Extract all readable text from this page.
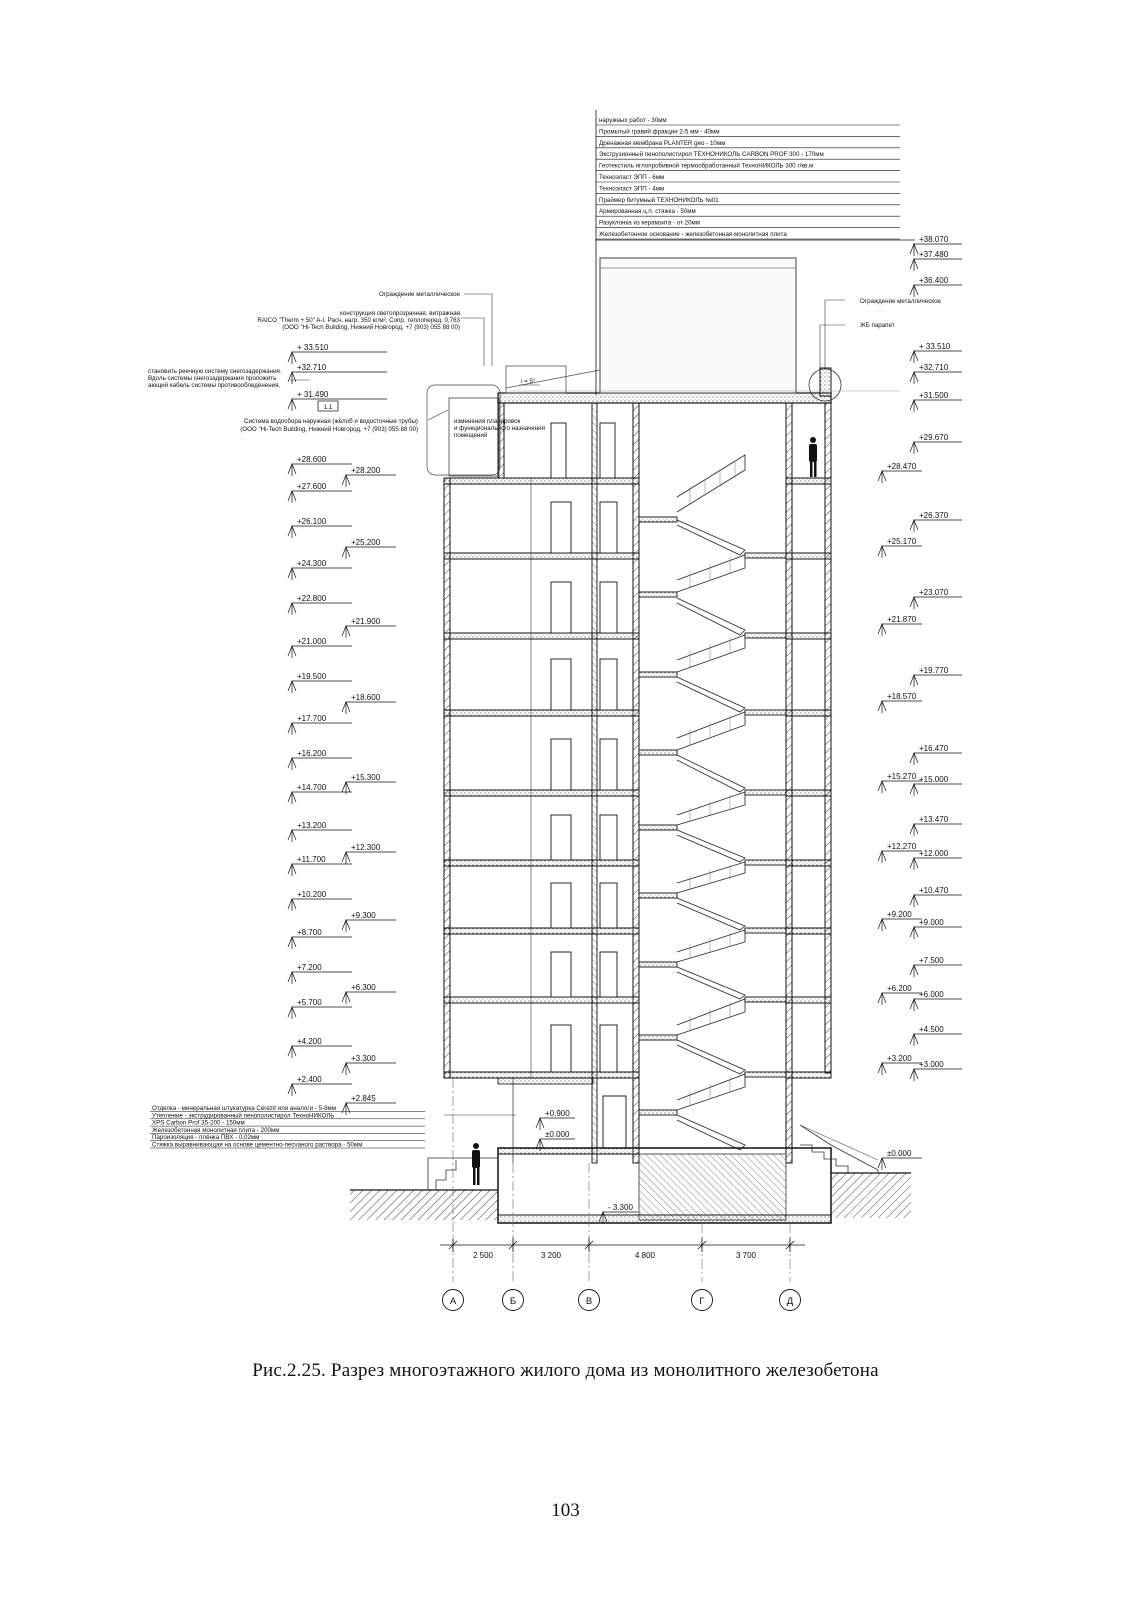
наружных работ - 30мм
Промытый гравий фракции 2-5 мм - 40мм
Дренажная мембрана PLANTER geo - 10мм
Экструзионный пенополистирол ТЕХНОНИКОЛЬ CARBON PROF 300 - 170мм
Геотекстиль иглопробивной термообработанный ТехноНИКОЛЬ 300 г/кв.м
Техноэласт ЭПП - 6мм
Техноэласт ЭПП - 4мм
Праймер битумный ТЕХНОНИКОЛЬ №01
Армированная ц.п. стяжка - 50мм
Разуклонка из керамзита - от 20мм
Железобетонное основание - железобетонная монолитная плита
Ограждение металлическое
конструкция светопрозрачная, витражная
RAICO "Therm + 50" A-I. Расч. нагр. 350 кг/м². Сопр. теплопеpед. 0,763
(ООО "Hi-Tech Building, Нижний Новгород, +7 (903) 055 88 00)
становить реечную систему снегозадержания.
Вдоль системы снегозадержания проложить
ающий кабель системы противообледенения.
Система водосбора наружная (жёлоб и водосточные трубы)
(ООО "Hi-Tech Building, Нижний Новгород, +7 (903) 055 88 00)
i = 5°
1.1
изменения планировок
и функционального назначения
помещений
Ограждение металлическое
ЖБ парапет
Отделка - минеральная штукатурка Cerezit или аналоги - 5-8мм
Утепление - экструдированный пенополистирол ТехноНИКОЛЬ
XPS Carbon Prof 35-200 - 150мм
Железобетонная монолитная плита - 200мм
Пароизоляция - плёнка ПВХ - 0,02мм
Стяжка выравнивающая на основе цементно-песчаного раствора - 50мм
+ 33.510
+32.710
+ 31.490
+28.600
+27.600
+26.100
+24.300
+22.800
+21.000
+19.500
+17.700
+16.200
+14.700
+13.200
+11.700
+10.200
+8.700
+7.200
+5.700
+4.200
+2.400
+28.200
+25.200
+21.900
+18.600
+15.300
+12.300
+9.300
+6.300
+3.300
+2.845
+38.070
+37.480
+36.400
+ 33.510
+32.710
+31.500
+29.670
+26.370
+23.070
+19.770
+16.470
+15.000
+13.470
+12.000
+10.470
+9.000
+7.500
+6.000
+4.500
+3.000
+28.470
+25.170
+21.870
+18.570
+15.270
+12.270
+9.200
+6.200
+3.200
±0.000
+0.900
±0.000
- 3.300
2 500	3 200	4 800	3 700
А	Б	В	Г	Д
Рис.2.25. Разрез многоэтажного жилого дома из монолитного железобетона
103
